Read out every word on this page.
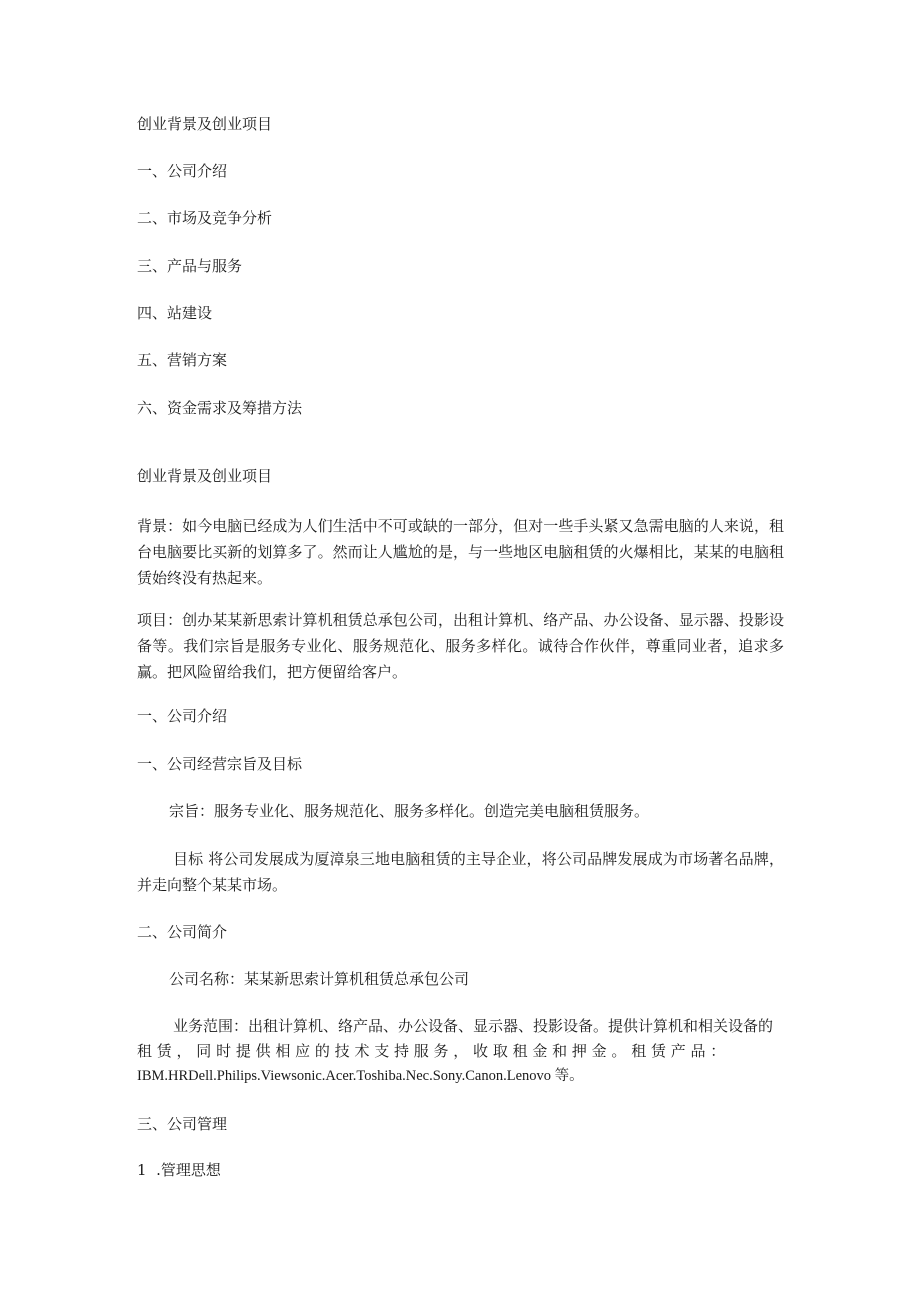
创业背景及创业项目
一、公司介绍
二、市场及竞争分析
三、产品与服务
四、站建设
五、营销方案
六、资金需求及筹措方法
创业背景及创业项目
背景：如今电脑已经成为人们生活中不可或缺的一部分，但对一些手头紧又急需电脑的人来说，租台电脑要比买新的划算多了。然而让人尴尬的是，与一些地区电脑租赁的火爆相比，某某的电脑租赁始终没有热起来。
项目：创办某某新思索计算机租赁总承包公司，出租计算机、络产品、办公设备、显示器、投影设备等。我们宗旨是服务专业化、服务规范化、服务多样化。诚待合作伙伴，尊重同业者，追求多赢。把风险留给我们，把方便留给客户。
一、公司介绍
一、公司经营宗旨及目标
宗旨：服务专业化、服务规范化、服务多样化。创造完美电脑租赁服务。
目标 将公司发展成为厦漳泉三地电脑租赁的主导企业，将公司品牌发展成为市场著名品牌，并走向整个某某市场。
二、公司简介
公司名称：某某新思索计算机租赁总承包公司
业务范围：出租计算机、络产品、办公设备、显示器、投影设备。提供计算机和相关设备的
租 赁 ， 同 时 提 供 相 应 的 技 术 支 持 服 务 ， 收 取 租 金 和 押 金 。 租 赁 产 品 ：
IBM.HRDell.Philips.Viewsonic.Acer.Toshiba.Nec.Sony.Canon.Lenovo 等。
三、公司管理
1  .管理思想
